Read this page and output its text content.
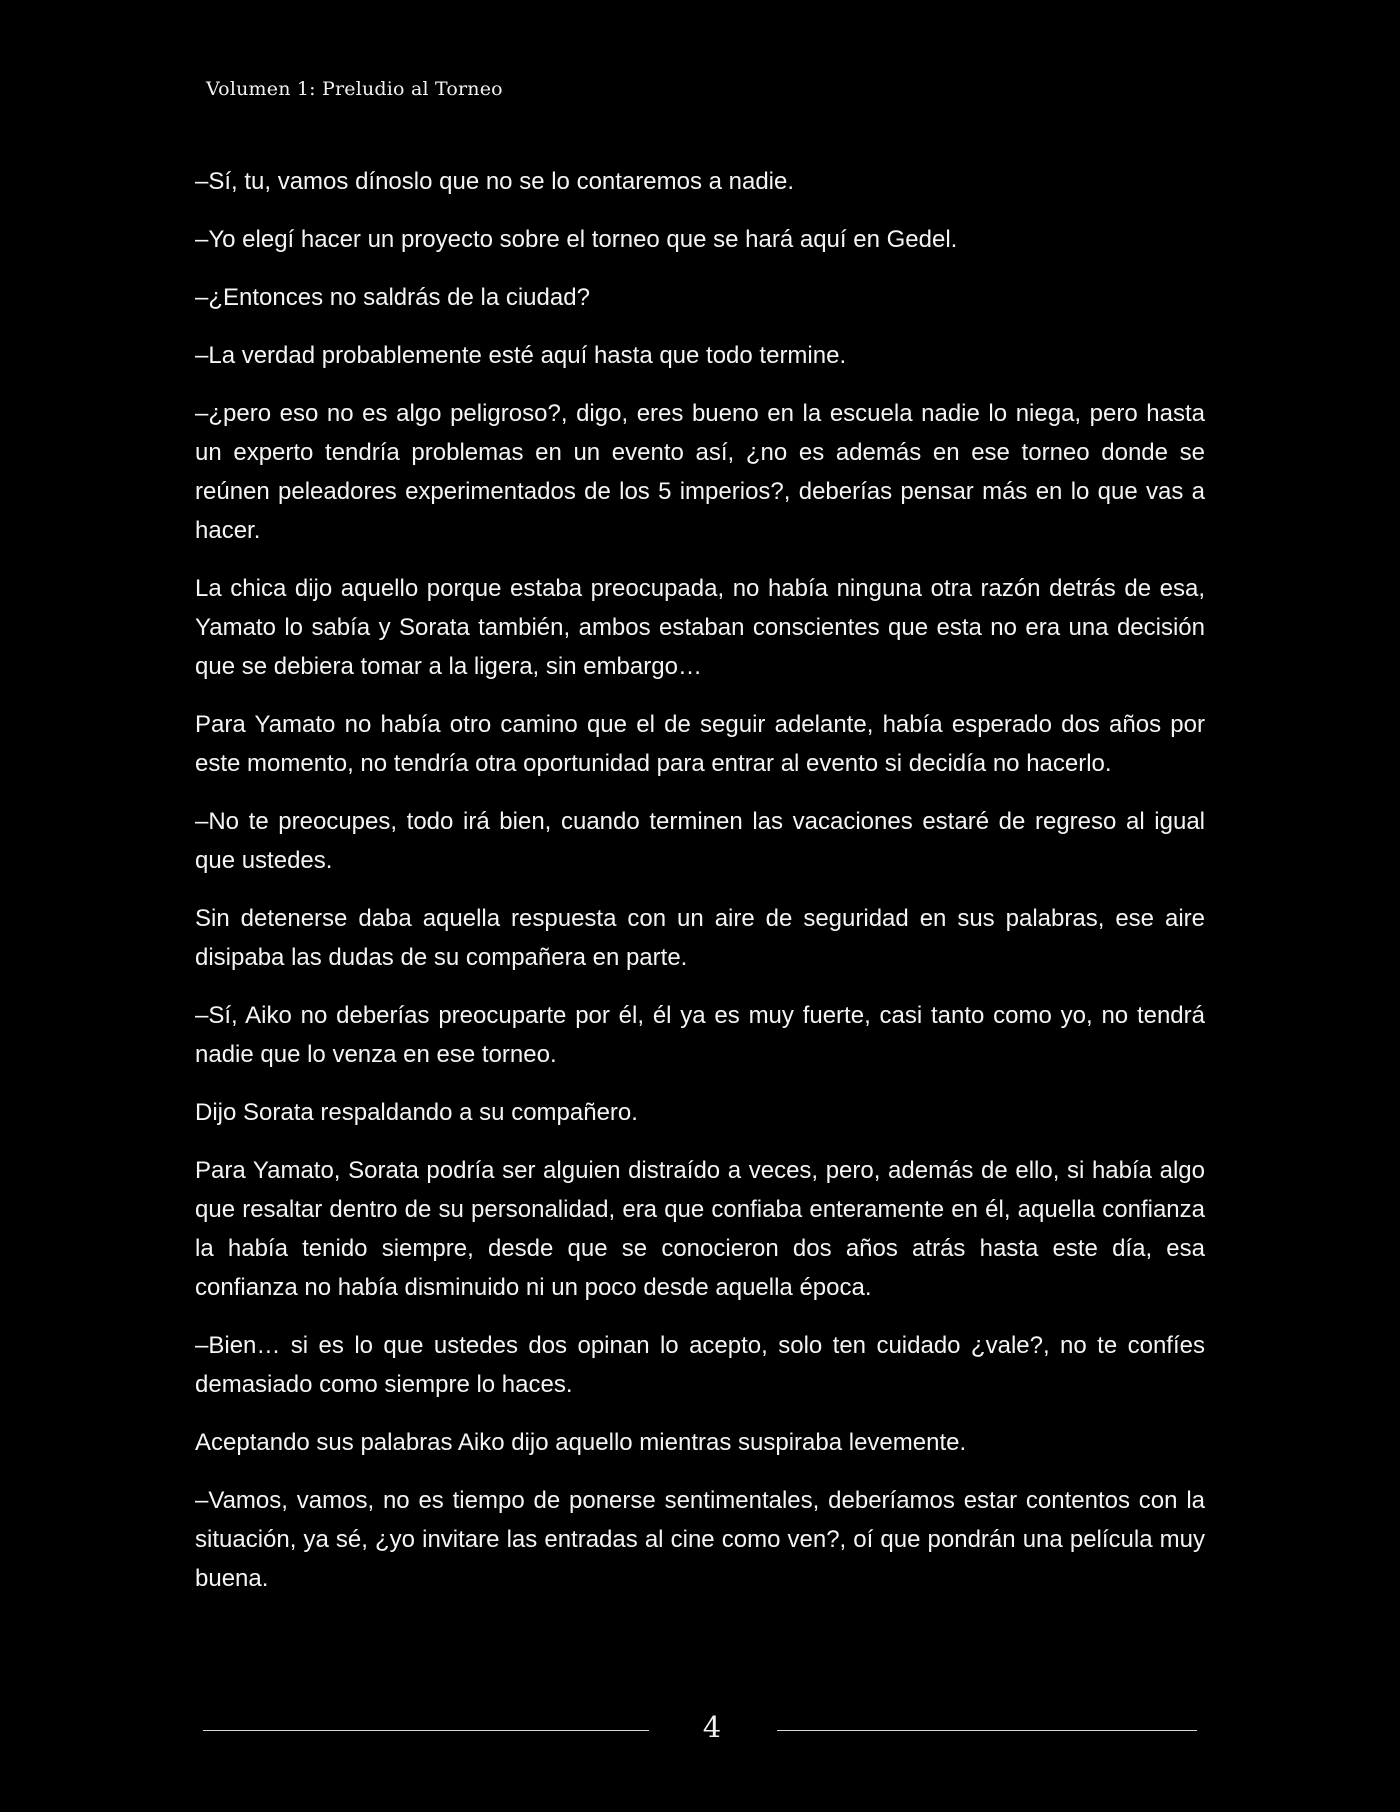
Volumen 1: Preludio al Torneo

–Sí, tu, vamos dínoslo que no se lo contaremos a nadie.

–Yo elegí hacer un proyecto sobre el torneo que se hará aquí en Gedel.

–¿Entonces no saldrás de la ciudad?

–La verdad probablemente esté aquí hasta que todo termine.

–¿pero eso no es algo peligroso?, digo, eres bueno en la escuela nadie lo niega, pero hasta un experto tendría problemas en un evento así, ¿no es además en ese torneo donde se reúnen peleadores experimentados de los 5 imperios?, deberías pensar más en lo que vas a hacer.

La chica dijo aquello porque estaba preocupada, no había ninguna otra razón detrás de esa, Yamato lo sabía y Sorata también, ambos estaban conscientes que esta no era una decisión que se debiera tomar a la ligera, sin embargo…

Para Yamato no había otro camino que el de seguir adelante, había esperado dos años por este momento, no tendría otra oportunidad para entrar al evento si decidía no hacerlo.

–No te preocupes, todo irá bien, cuando terminen las vacaciones estaré de regreso al igual que ustedes.

Sin detenerse daba aquella respuesta con un aire de seguridad en sus palabras, ese aire disipaba las dudas de su compañera en parte.

–Sí, Aiko no deberías preocuparte por él, él ya es muy fuerte, casi tanto como yo, no tendrá nadie que lo venza en ese torneo.

Dijo Sorata respaldando a su compañero.

Para Yamato, Sorata podría ser alguien distraído a veces, pero, además de ello, si había algo que resaltar dentro de su personalidad, era que confiaba enteramente en él, aquella confianza la había tenido siempre, desde que se conocieron dos años atrás hasta este día, esa confianza no había disminuido ni un poco desde aquella época.

–Bien… si es lo que ustedes dos opinan lo acepto, solo ten cuidado ¿vale?, no te confíes demasiado como siempre lo haces.

Aceptando sus palabras Aiko dijo aquello mientras suspiraba levemente.

–Vamos, vamos, no es tiempo de ponerse sentimentales, deberíamos estar contentos con la situación, ya sé, ¿yo invitare las entradas al cine como ven?, oí que pondrán una película muy buena.

4
